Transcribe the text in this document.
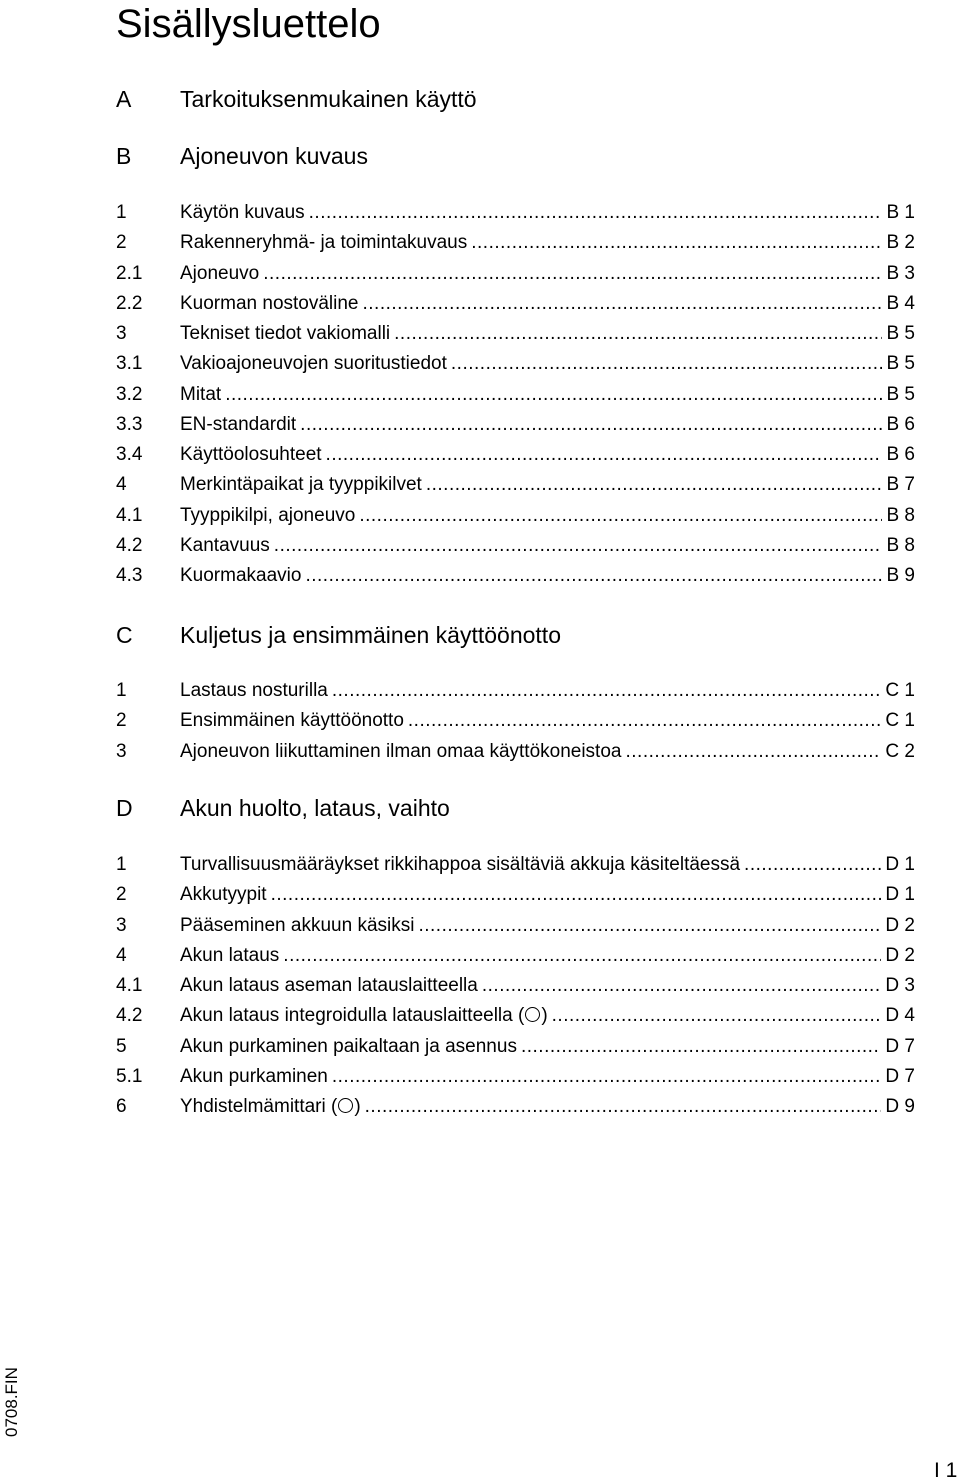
Sisällysluettelo
A Tarkoituksenmukainen käyttö
B Ajoneuvon kuvaus
1	Käytön kuvaus .....	B 1
2	Rakenneryhmä- ja toimintakuvaus .....	B 2
2.1 Ajoneuvo .....	B 3
2.2 Kuorman nostoväline .....	B 4
3	Tekniset tiedot vakiomalli .....	B 5
3.1 Vakioajoneuvojen suoritustiedot .....	B 5
3.2 Mitat .....	B 5
3.3 EN-standardit .....	B 6
3.4 Käyttöolosuhteet .....	B 6
4	Merkintäpaikat ja tyyppikilvet .....	B 7
4.1 Tyyppikilpi, ajoneuvo .....	B 8
4.2 Kantavuus .....	B 8
4.3 Kuormakaavio .....	B 9
C Kuljetus ja ensimmäinen käyttöönotto
1	Lastaus nosturilla .....	C 1
2	Ensimmäinen käyttöönotto .....	C 1
3	Ajoneuvon liikuttaminen ilman omaa käyttökoneistoa .....	C 2
D Akun huolto, lataus, vaihto
1	Turvallisuusmääräykset rikkihappoa sisältäviä akkuja käsiteltäessä .....	D 1
2	Akkutyypit .....	D 1
3	Pääseminen akkuun käsiksi .....	D 2
4	Akun lataus .....	D 2
4.1 Akun lataus aseman latauslaitteella .....	D 3
4.2 Akun lataus integroidulla latauslaitteella ( ) .....	D 4
5	Akun purkaminen paikaltaan ja asennus .....	D 7
5.1 Akun purkaminen .....	D 7
6	Yhdistelmämittari ( ) .....	D 9
0708.FIN
I 1
